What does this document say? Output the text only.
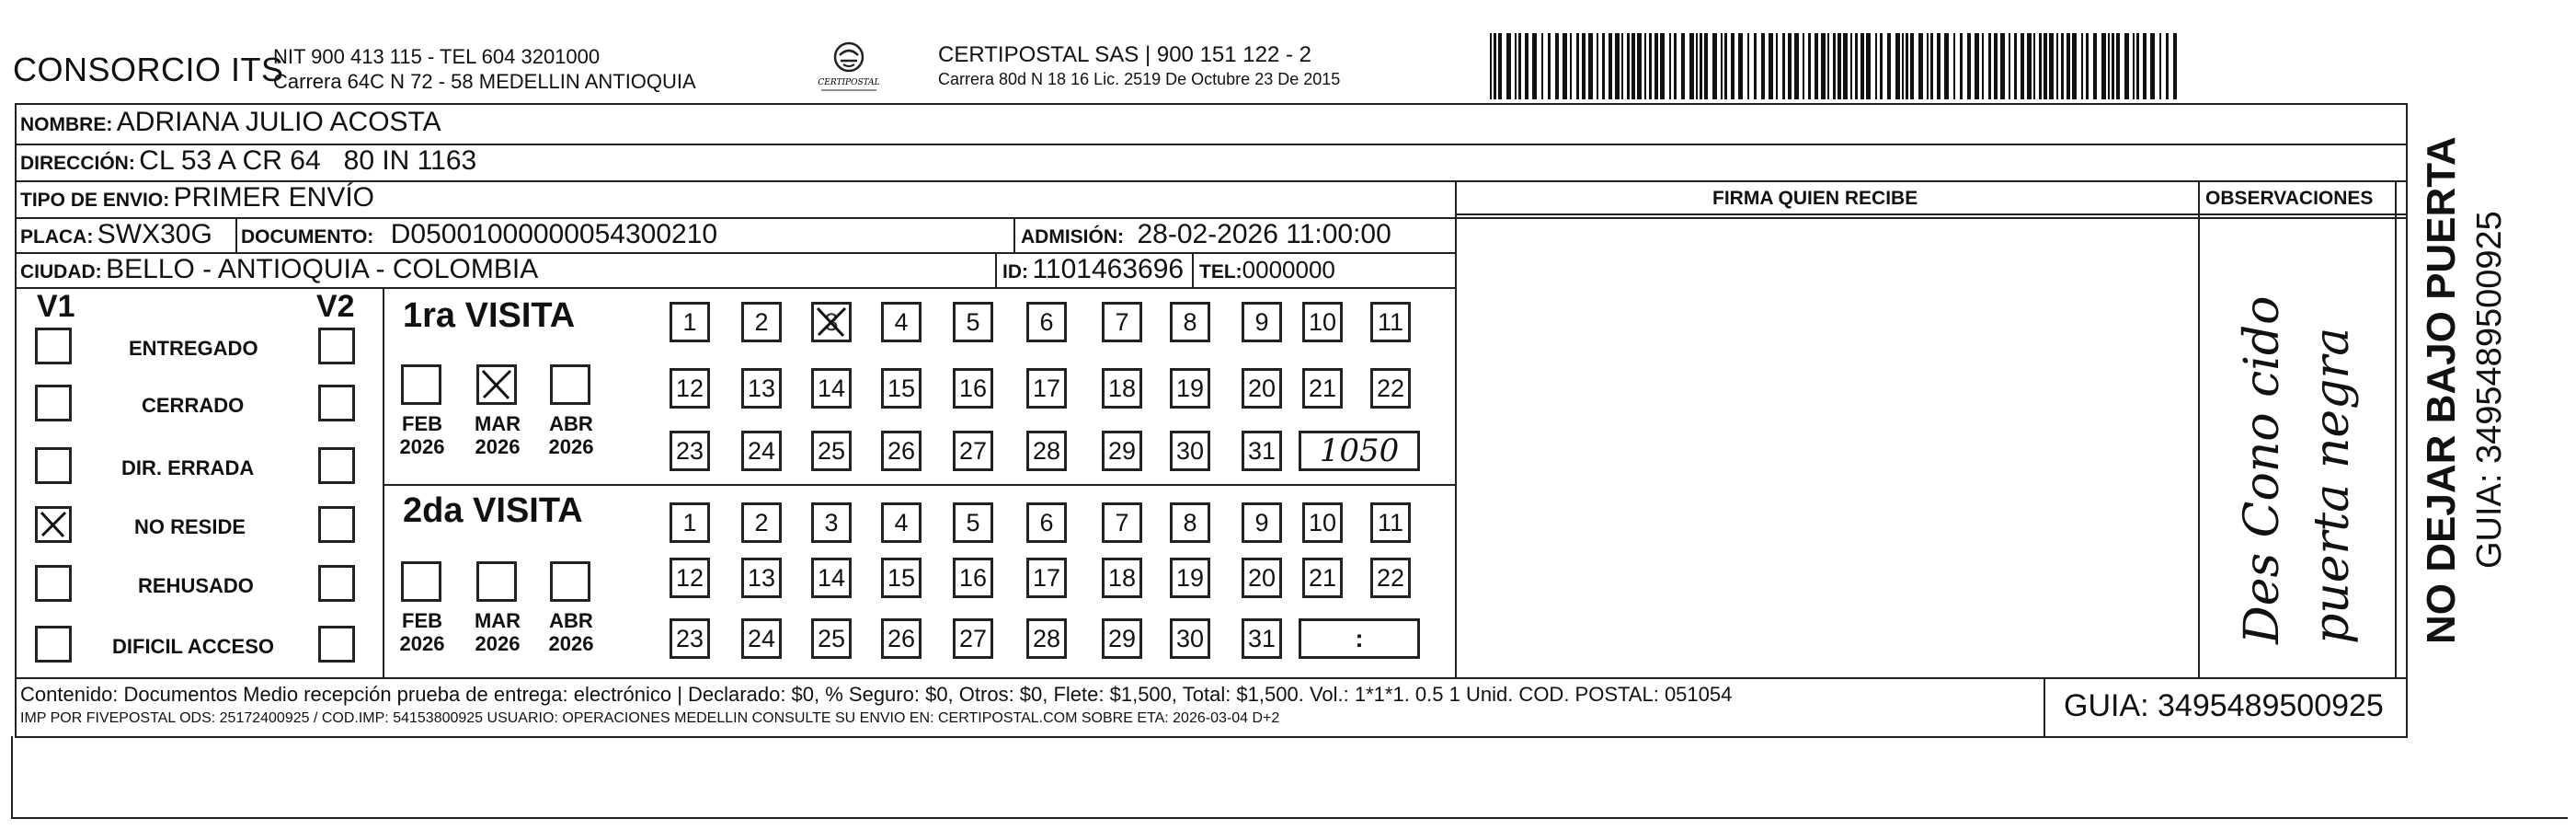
CONSORCIO ITS
NIT 900 413 115 - TEL 604 3201000
Carrera 64C N 72 - 58 MEDELLIN ANTIOQUIA	CERTIPOSTAL
CERTIPOSTAL SAS | 900 151 122 - 2
Carrera 80d N 18 16 Lic. 2519 De Octubre 23 De 2015
NOMBRE: ADRIANA JULIO ACOSTA
DIRECCIÓN: CL 53 A CR 64   80 IN 1163
TIPO DE ENVIO: PRIMER ENVÍO	FIRMA QUIEN RECIBE	OBSERVACIONES
PLACA: SWX30G DOCUMENTO: D05001000000054300210	ADMISIÓN: 28-02-2026 11:00:00
CIUDAD: BELLO - ANTIOQUIA - COLOMBIA	ID: 1101463696 TEL:0000000
V1	V2
ENTREGADO
CERRADO
DIR. ERRADA
NO RESIDE
REHUSADO
DIFICIL ACCESO
1ra VISITA
FEB
2026
MAR
2026
ABR
2026
1	2	3	4	5	6	7	8	9	10 11
12 13 14 15 16 17 18 19 20 21 22
23 24 25 26 27 28 29 30 31	1050
2da VISITA
FEB
2026
MAR
2026
ABR
2026
1	2	3	4	5	6	7	8	9	10 11
12 13 14 15 16 17 18 19 20 21 22
23 24 25 26 27 28 29 30 31	:	Des Cono cido puerta negra
Contenido: Documentos Medio recepción prueba de entrega: electrónico | Declarado: $0, % Seguro: $0, Otros: $0, Flete: $1,500, Total: $1,500. Vol.: 1*1*1. 0.5 1 Unid. COD. POSTAL: 051054
IMP POR FIVEPOSTAL ODS: 25172400925 / COD.IMP: 54153800925 USUARIO: OPERACIONES MEDELLIN CONSULTE SU ENVIO EN: CERTIPOSTAL.COM SOBRE ETA: 2026-03-04 D+2	GUIA: 3495489500925
NO DEJAR BAJO PUERTA GUIA: 3495489500925
